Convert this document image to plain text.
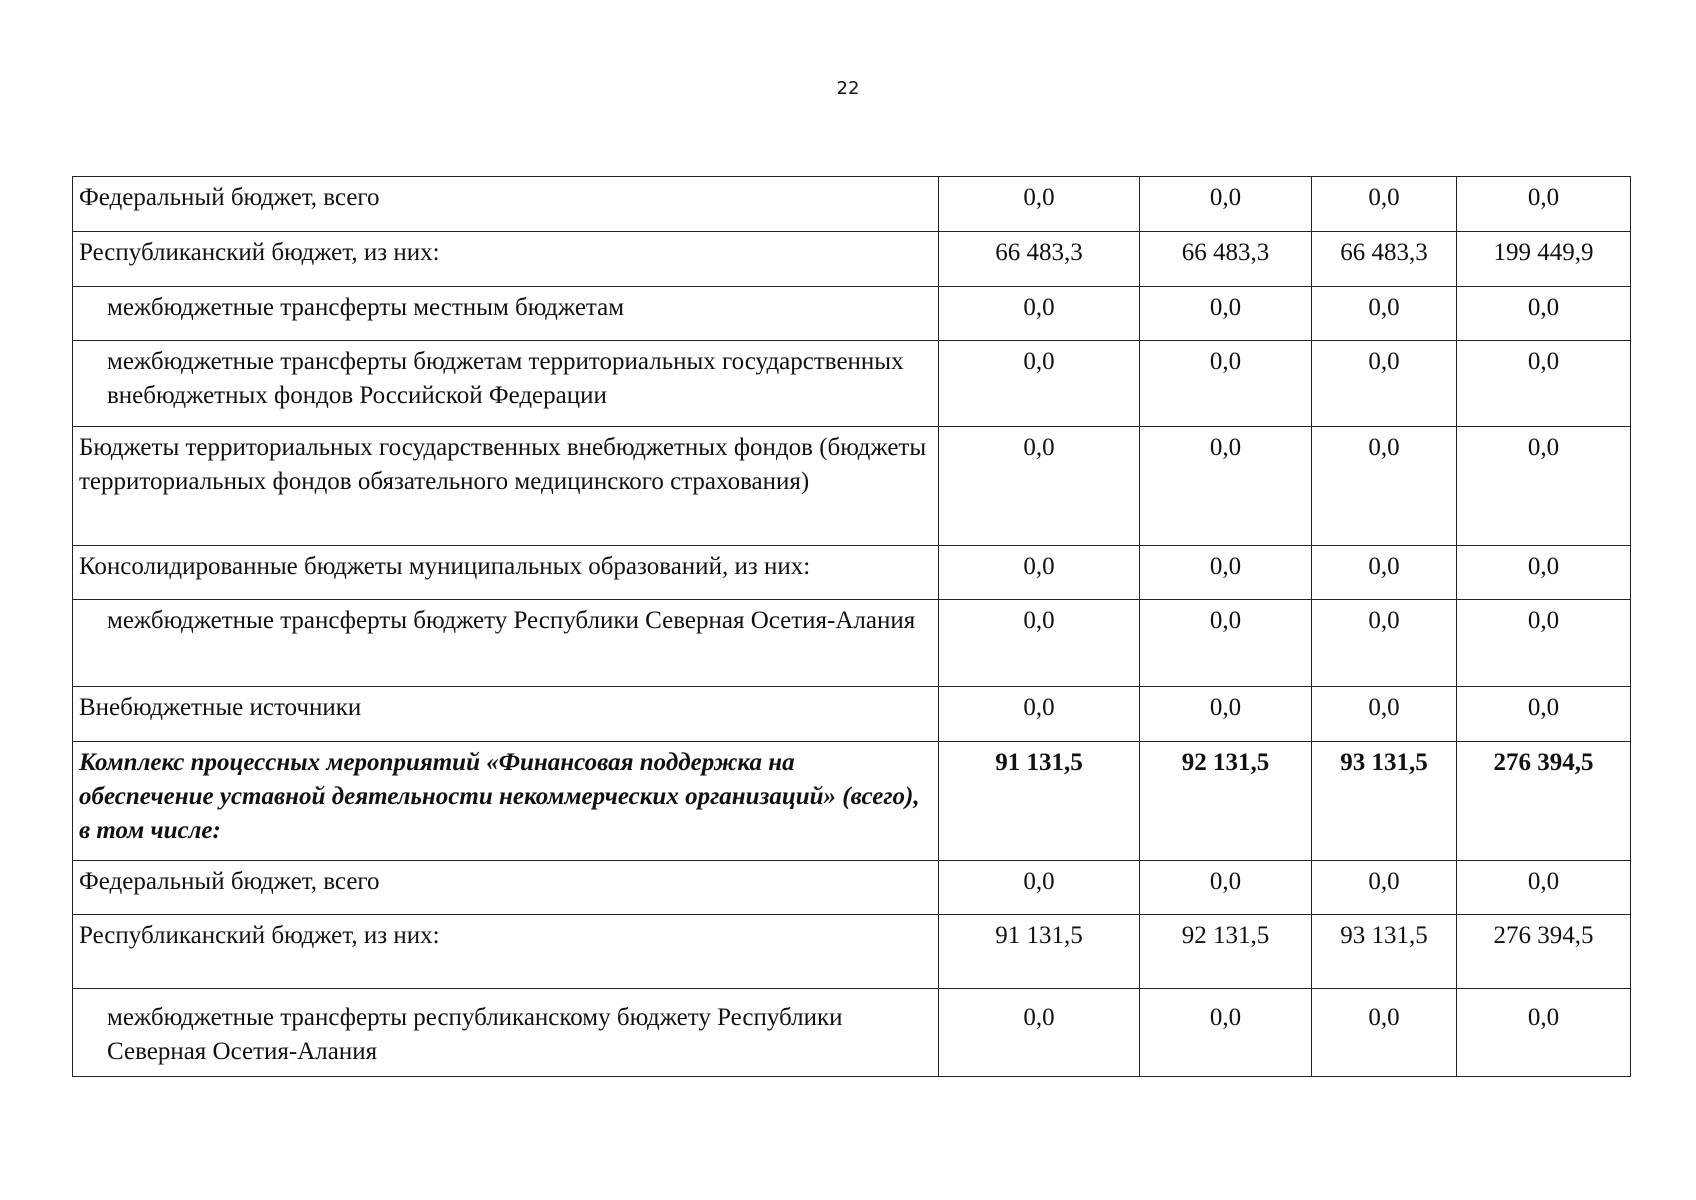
22
Федеральный бюджет, всего	0,0	0,0	0,0	0,0
Республиканский бюджет, из них:	66 483,3	66 483,3	66 483,3	199 449,9
межбюджетные трансферты местным бюджетам	0,0	0,0	0,0	0,0
межбюджетные трансферты бюджетам территориальных государственных внебюджетных фондов Российской Федерации	0,0	0,0	0,0	0,0
Бюджеты территориальных государственных внебюджетных фондов (бюджеты территориальных фондов обязательного медицинского страхования)	0,0	0,0	0,0	0,0
Консолидированные бюджеты муниципальных образований, из них:	0,0	0,0	0,0	0,0
межбюджетные трансферты бюджету Республики Северная Осетия-Алания	0,0	0,0	0,0	0,0
Внебюджетные источники	0,0	0,0	0,0	0,0
Комплекс процессных мероприятий «Финансовая поддержка на обеспечение уставной деятельности некоммерческих организаций» (всего), в том числе:	91 131,5	92 131,5	93 131,5	276 394,5
Федеральный бюджет, всего	0,0	0,0	0,0	0,0
Республиканский бюджет, из них:	91 131,5	92 131,5	93 131,5	276 394,5
межбюджетные трансферты республиканскому бюджету Республики Северная Осетия-Алания	0,0	0,0	0,0	0,0
